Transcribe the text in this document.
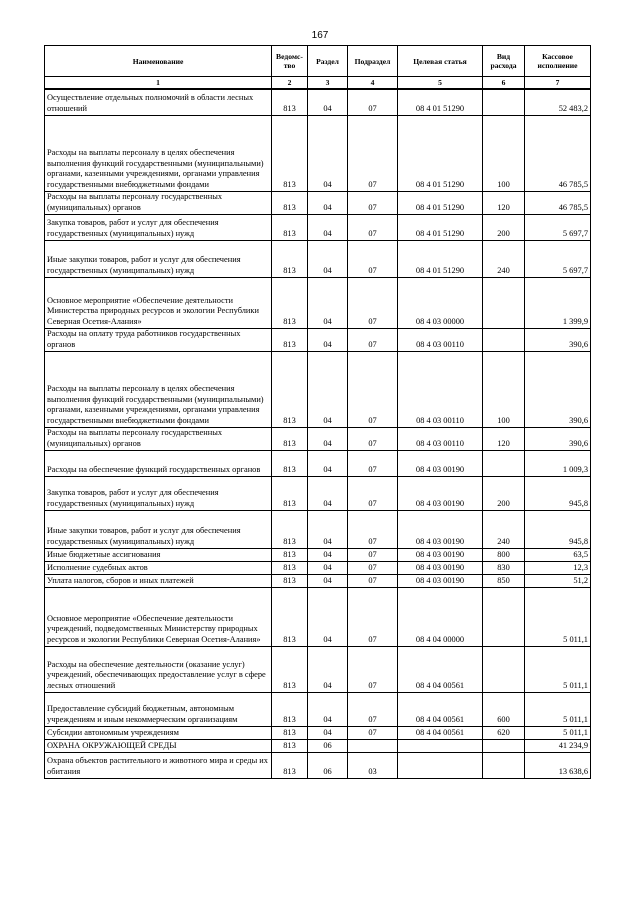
167
Наименование	Ведомс-тво	Раздел	Подраздел	Целевая статья	Вид расхода	Кассовое исполнение
1	2	3	4	5	6	7
Осуществление отдельных полномочий в области лесных отношений	813	04	07	08 4 01 51290		52 483,2
Расходы на выплаты персоналу в целях обеспечения выполнения функций государственными (муниципальными) органами, казенными учреждениями, органами управления государственными внебюджетными фондами	813	04	07	08 4 01 51290	100	46 785,5
Расходы на выплаты персоналу государственных (муниципальных) органов	813	04	07	08 4 01 51290	120	46 785,5
Закупка товаров, работ и услуг для обеспечения государственных (муниципальных) нужд	813	04	07	08 4 01 51290	200	5 697,7
Иные закупки товаров, работ и услуг для обеспечения государственных (муниципальных) нужд	813	04	07	08 4 01 51290	240	5 697,7
Основное мероприятие «Обеспечение деятельности Министерства природных ресурсов и экологии Республики Северная Осетия-Алания»	813	04	07	08 4 03 00000		1 399,9
Расходы на оплату труда работников государственных органов	813	04	07	08 4 03 00110		390,6
Расходы на выплаты персоналу в целях обеспечения выполнения функций государственными (муниципальными) органами, казенными учреждениями, органами управления государственными внебюджетными фондами	813	04	07	08 4 03 00110	100	390,6
Расходы на выплаты персоналу государственных (муниципальных) органов	813	04	07	08 4 03 00110	120	390,6
Расходы на обеспечение функций государственных органов	813	04	07	08 4 03 00190		1 009,3
Закупка товаров, работ и услуг для обеспечения государственных (муниципальных) нужд	813	04	07	08 4 03 00190	200	945,8
Иные закупки товаров, работ и услуг для обеспечения государственных (муниципальных) нужд	813	04	07	08 4 03 00190	240	945,8
Иные бюджетные ассигнования	813	04	07	08 4 03 00190	800	63,5
Исполнение судебных актов	813	04	07	08 4 03 00190	830	12,3
Уплата налогов, сборов и иных платежей	813	04	07	08 4 03 00190	850	51,2
Основное мероприятие «Обеспечение деятельности учреждений, подведомственных Министерству природных ресурсов и экологии Республики Северная Осетия-Алания»	813	04	07	08 4 04 00000		5 011,1
Расходы на обеспечение деятельности (оказание услуг) учреждений, обеспечивающих предоставление услуг в сфере лесных отношений	813	04	07	08 4 04 00561		5 011,1
Предоставление субсидий бюджетным, автономным учреждениям и иным некоммерческим организациям	813	04	07	08 4 04 00561	600	5 011,1
Субсидии автономным учреждениям	813	04	07	08 4 04 00561	620	5 011,1
ОХРАНА ОКРУЖАЮЩЕЙ СРЕДЫ	813	06				41 234,9
Охрана объектов растительного и животного мира и среды их обитания	813	06	03			13 638,6
